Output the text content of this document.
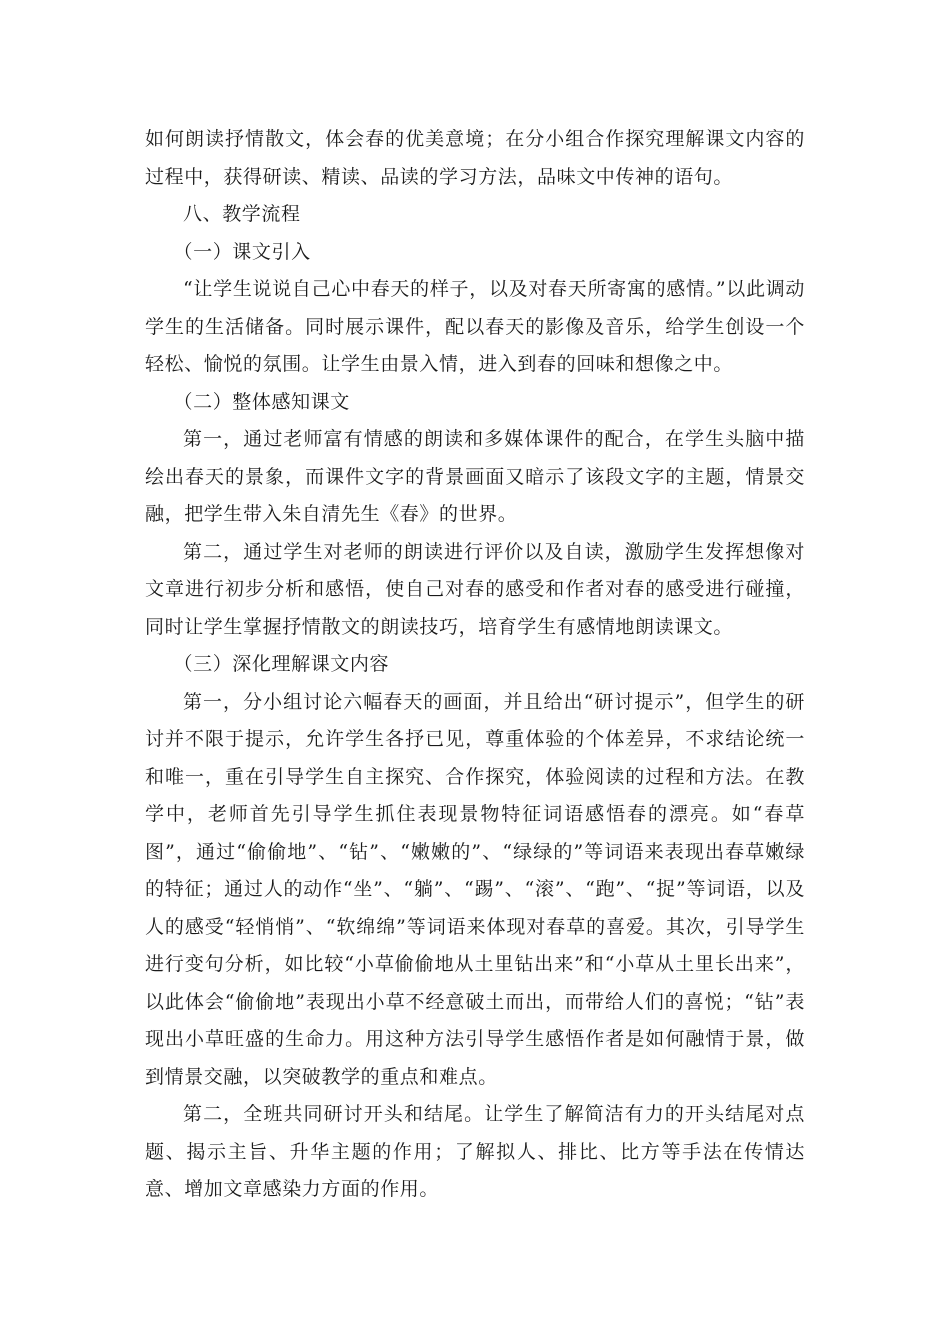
如何朗读抒情散文，体会春的优美意境；在分小组合作探究理解课文内容的过程中，获得研读、精读、品读的学习方法，品味文中传神的语句。

八、教学流程

（一）课文引入

“让学生说说自己心中春天的样子，以及对春天所寄寓的感情。”以此调动学生的生活储备。同时展示课件，配以春天的影像及音乐，给学生创设一个轻松、愉悦的氛围。让学生由景入情，进入到春的回味和想像之中。

（二）整体感知课文

第一，通过老师富有情感的朗读和多媒体课件的配合，在学生头脑中描绘出春天的景象，而课件文字的背景画面又暗示了该段文字的主题，情景交融，把学生带入朱自清先生《春》的世界。

第二，通过学生对老师的朗读进行评价以及自读，激励学生发挥想像对文章进行初步分析和感悟，使自己对春的感受和作者对春的感受进行碰撞，同时让学生掌握抒情散文的朗读技巧，培育学生有感情地朗读课文。

（三）深化理解课文内容

第一，分小组讨论六幅春天的画面，并且给出“研讨提示”，但学生的研讨并不限于提示，允许学生各抒已见，尊重体验的个体差异，不求结论统一和唯一，重在引导学生自主探究、合作探究，体验阅读的过程和方法。在教学中，老师首先引导学生抓住表现景物特征词语感悟春的漂亮。如“春草图”，通过“偷偷地”、“钻”、“嫩嫩的”、“绿绿的”等词语来表现出春草嫩绿的特征；通过人的动作“坐”、“躺”、“踢”、“滚”、“跑”、“捉”等词语，以及人的感受“轻悄悄”、“软绵绵”等词语来体现对春草的喜爱。其次，引导学生进行变句分析，如比较“小草偷偷地从土里钻出来”和“小草从土里长出来”，以此体会“偷偷地”表现出小草不经意破土而出，而带给人们的喜悦；“钻”表现出小草旺盛的生命力。用这种方法引导学生感悟作者是如何融情于景，做到情景交融，以突破教学的重点和难点。

第二，全班共同研讨开头和结尾。让学生了解简洁有力的开头结尾对点题、揭示主旨、升华主题的作用；了解拟人、排比、比方等手法在传情达意、增加文章感染力方面的作用。
